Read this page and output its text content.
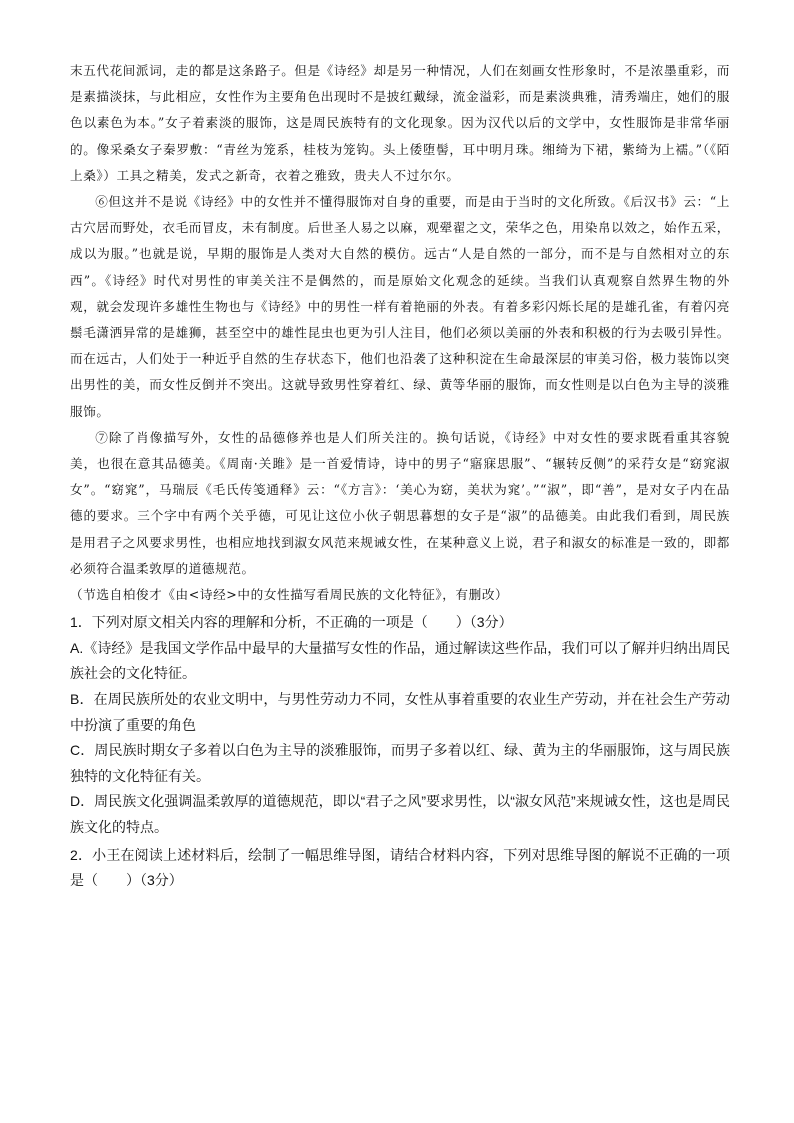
末五代花间派词，走的都是这条路子。但是《诗经》却是另一种情况，人们在刻画女性形象时，不是浓墨重彩，而是素描淡抹，与此相应，女性作为主要角色出现时不是披红戴绿，流金溢彩，而是素淡典雅，清秀端庄，她们的服色以素色为本。”女子着素淡的服饰，这是周民族特有的文化现象。因为汉代以后的文学中，女性服饰是非常华丽的。像采桑女子秦罗敷：“青丝为笼系，桂枝为笼钩。头上倭堕髻，耳中明月珠。缃绮为下裙，紫绮为上襦。”（《陌上桑》）工具之精美，发式之新奇，衣着之雅致，贵夫人不过尔尔。

⑥但这并不是说《诗经》中的女性并不懂得服饰对自身的重要，而是由于当时的文化所致。《后汉书》云：“上古穴居而野处，衣毛而冒皮，未有制度。后世圣人易之以麻，观翚翟之文，荣华之色，用染帛以效之，始作五采，成以为服。”也就是说，早期的服饰是人类对大自然的模仿。远古“人是自然的一部分，而不是与自然相对立的东西”。《诗经》时代对男性的审美关注不是偶然的，而是原始文化观念的延续。当我们认真观察自然界生物的外观，就会发现许多雄性生物也与《诗经》中的男性一样有着艳丽的外表。有着多彩闪烁长尾的是雄孔雀，有着闪亮鬃毛潇洒异常的是雄狮，甚至空中的雄性昆虫也更为引人注目，他们必须以美丽的外表和积极的行为去吸引异性。而在远古，人们处于一种近乎自然的生存状态下，他们也沿袭了这种积淀在生命最深层的审美习俗，极力装饰以突出男性的美，而女性反倒并不突出。这就导致男性穿着红、绿、黄等华丽的服饰，而女性则是以白色为主导的淡雅服饰。

⑦除了肖像描写外，女性的品德修养也是人们所关注的。换句话说，《诗经》中对女性的要求既看重其容貌美，也很在意其品德美。《周南·关雎》是一首爱情诗，诗中的男子“寤寐思服”、“辗转反侧”的采荇女是“窈窕淑女”。“窈窕”，马瑞辰《毛氏传笺通释》云：“《方言》：‘美心为窈，美状为窕’。”“淑”，即“善”，是对女子内在品德的要求。三个字中有两个关乎德，可见让这位小伙子朝思暮想的女子是“淑”的品德美。由此我们看到，周民族是用君子之风要求男性，也相应地找到淑女风范来规诫女性，在某种意义上说，君子和淑女的标准是一致的，即都必须符合温柔敦厚的道德规范。

（节选自柏俊才《由<诗经>中的女性描写看周民族的文化特征》，有删改）

1．下列对原文相关内容的理解和分析，不正确的一项是（　　）（3分）

A.《诗经》是我国文学作品中最早的大量描写女性的作品，通过解读这些作品，我们可以了解并归纳出周民族社会的文化特征。

B．在周民族所处的农业文明中，与男性劳动力不同，女性从事着重要的农业生产劳动，并在社会生产劳动中扮演了重要的角色

C．周民族时期女子多着以白色为主导的淡雅服饰，而男子多着以红、绿、黄为主的华丽服饰，这与周民族独特的文化特征有关。

D．周民族文化强调温柔敦厚的道德规范，即以“君子之风”要求男性，以“淑女风范”来规诫女性，这也是周民族文化的特点。

2．小王在阅读上述材料后，绘制了一幅思维导图，请结合材料内容，下列对思维导图的解说不正确的一项是（　　）（3分）
